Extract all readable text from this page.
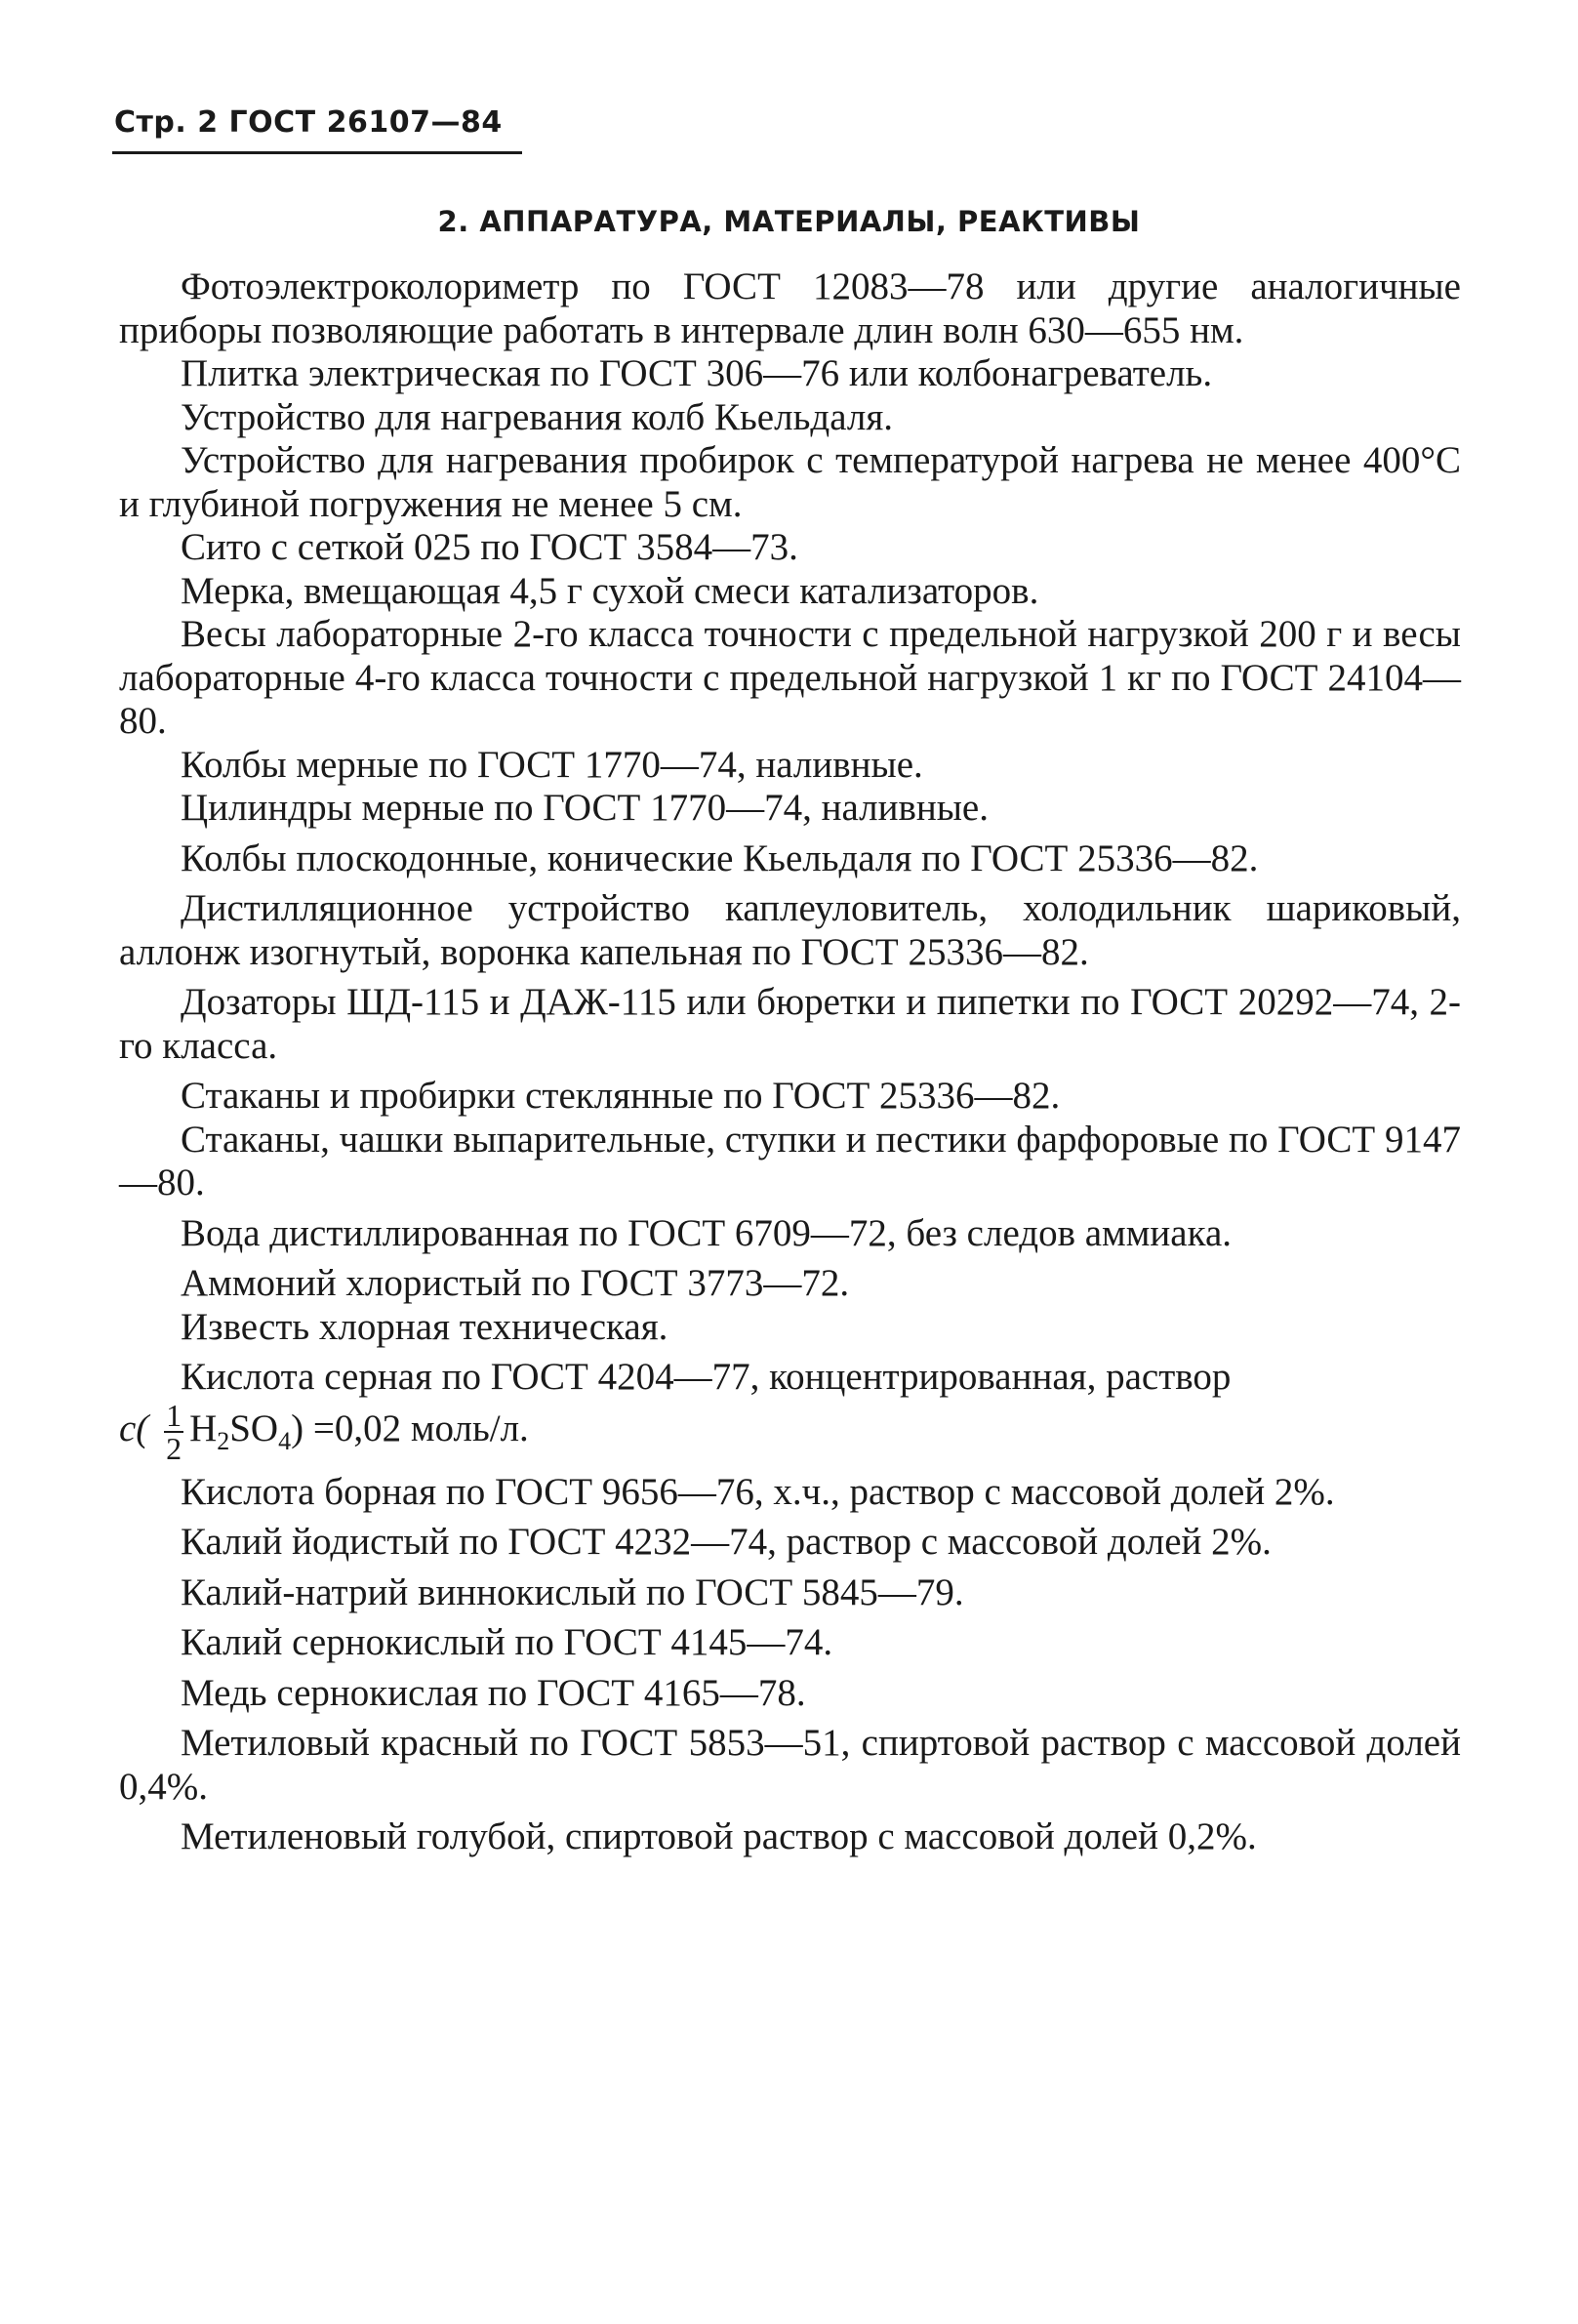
Стр. 2 ГОСТ 26107—84
2. АППАРАТУРА, МАТЕРИАЛЫ, РЕАКТИВЫ

Фотоэлектроколориметр по ГОСТ 12083—78 или другие аналогичные приборы позволяющие работать в интервале длин волн 630—655 нм.

Плитка электрическая по ГОСТ 306—76 или колбонагреватель.

Устройство для нагревания колб Кьельдаля.

Устройство для нагревания пробирок с температурой нагрева не менее 400°С и глубиной погружения не менее 5 см.

Сито с сеткой 025 по ГОСТ 3584—73.

Мерка, вмещающая 4,5 г сухой смеси катализаторов.

Весы лабораторные 2-го класса точности с предельной нагрузкой 200 г и весы лабораторные 4-го класса точности с предельной нагрузкой 1 кг по ГОСТ 24104—80.

Колбы мерные по ГОСТ 1770—74, наливные.

Цилиндры мерные по ГОСТ 1770—74, наливные.

Колбы плоскодонные, конические Кьельдаля по ГОСТ 25336—82.

Дистилляционное устройство каплеуловитель, холодильник шариковый, аллонж изогнутый, воронка капельная по ГОСТ 25336—82.

Дозаторы ШД-115 и ДАЖ-115 или бюретки и пипетки по ГОСТ 20292—74, 2-го класса.

Стаканы и пробирки стеклянные по ГОСТ 25336—82.

Стаканы, чашки выпарительные, ступки и пестики фарфоровые по ГОСТ 9147—80.

Вода дистиллированная по ГОСТ 6709—72, без следов аммиака.

Аммоний хлористый по ГОСТ 3773—72.

Известь хлорная техническая.

Кислота серная по ГОСТ 4204—77, концентрированная, раствор

$c( \frac{1}{2} H_2SO_4) =0,02$ моль/л.

Кислота борная по ГОСТ 9656—76, х.ч., раствор с массовой долей 2%.

Калий йодистый по ГОСТ 4232—74, раствор с массовой долей 2%.

Калий-натрий виннокислый по ГОСТ 5845—79.

Калий сернокислый по ГОСТ 4145—74.

Медь сернокислая по ГОСТ 4165—78.

Метиловый красный по ГОСТ 5853—51, спиртовой раствор с массовой долей 0,4%.

Метиленовый голубой, спиртовой раствор с массовой долей 0,2%.
